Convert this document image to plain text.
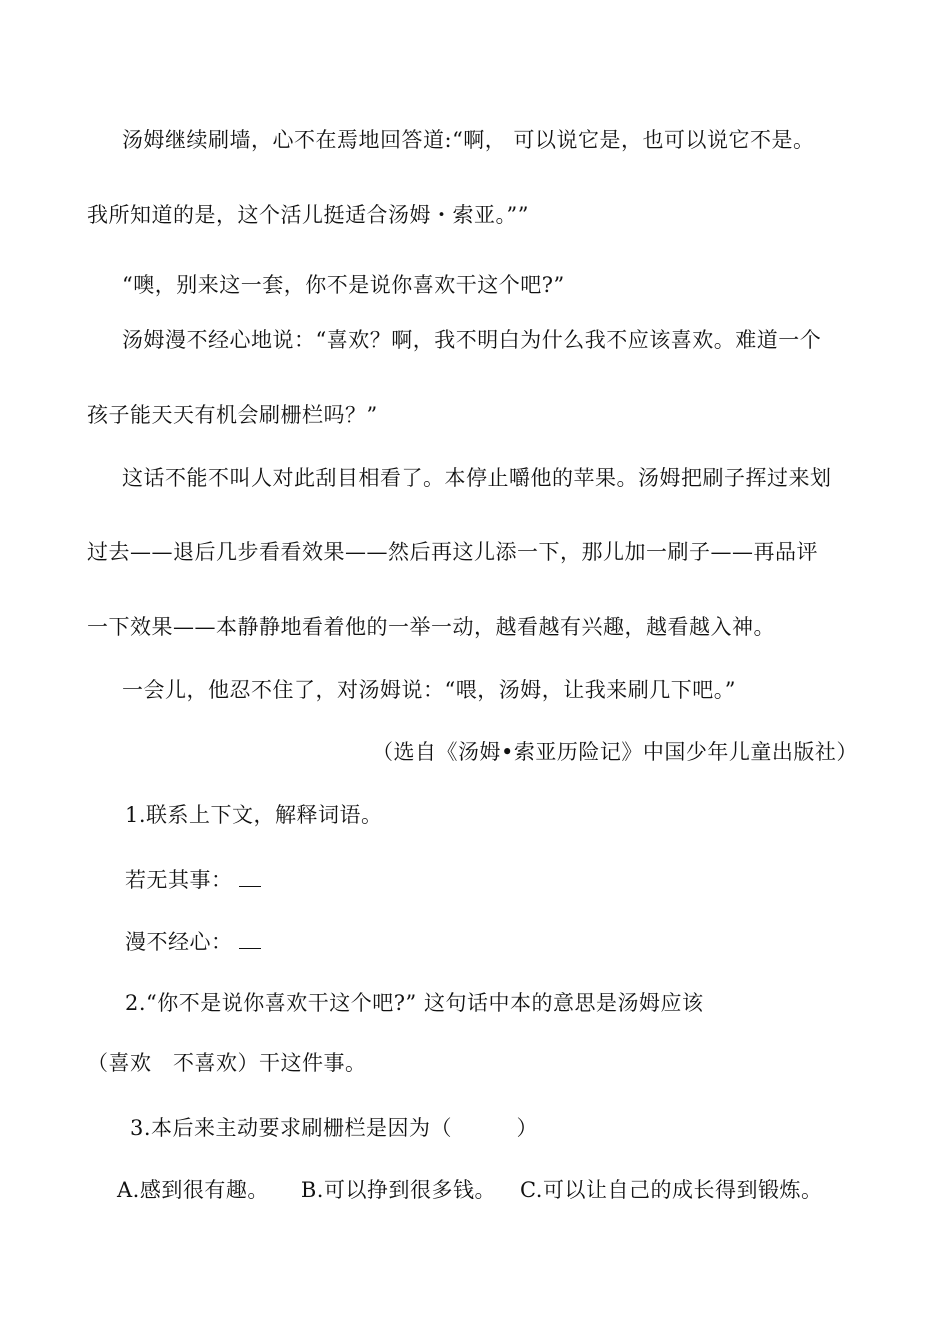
汤姆继续刷墙，心不在焉地回答道:“啊， 可以说它是，也可以说它不是。
我所知道的是，这个活儿挺适合汤姆・索亚。””
“噢，别来这一套，你不是说你喜欢干这个吧?”
汤姆漫不经心地说：“喜欢？啊，我不明白为什么我不应该喜欢。难道一个
孩子能天天有机会刷栅栏吗？”
这话不能不叫人对此刮目相看了。本停止嚼他的苹果。汤姆把刷子挥过来划
过去——退后几步看看效果——然后再这儿添一下，那儿加一刷子——再品评
一下效果——本静静地看着他的一举一动，越看越有兴趣，越看越入神。
一会儿，他忍不住了，对汤姆说：“喂，汤姆，让我来刷几下吧。”
（选自《汤姆•索亚历险记》中国少年儿童出版社）
1.联系上下文，解释词语。
若无其事：
漫不经心：
2.“你不是说你喜欢干这个吧?” 这句话中本的意思是汤姆应该
（喜欢　不喜欢）干这件事。
3.本后来主动要求刷栅栏是因为（　　　）
A.感到很有趣。 B.可以挣到很多钱。 C.可以让自己的成长得到锻炼。
